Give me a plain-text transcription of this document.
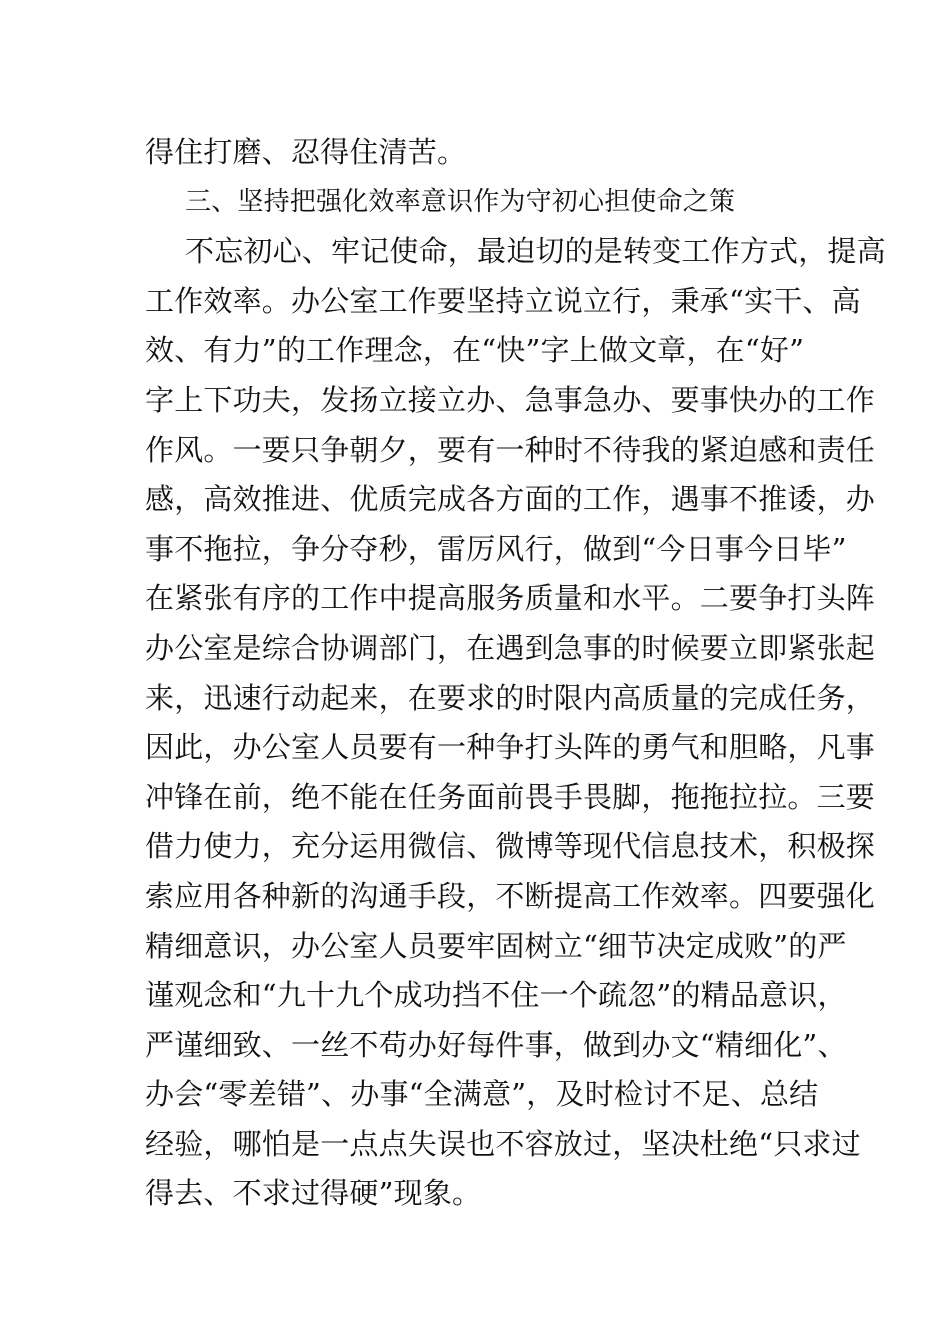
得住打磨、忍得住清苦。
三、坚持把强化效率意识作为守初心担使命之策
不忘初心、牢记使命，最迫切的是转变工作方式，提高
工作效率。办公室工作要坚持立说立行，秉承“实干、高
效、有力”的工作理念，在“快”字上做文章，在“好”
字上下功夫，发扬立接立办、急事急办、要事快办的工作
作风。一要只争朝夕，要有一种时不待我的紧迫感和责任
感，高效推进、优质完成各方面的工作，遇事不推诿，办
事不拖拉，争分夺秒，雷厉风行，做到“今日事今日毕”
在紧张有序的工作中提高服务质量和水平。二要争打头阵
办公室是综合协调部门，在遇到急事的时候要立即紧张起
来，迅速行动起来，在要求的时限内高质量的完成任务，
因此，办公室人员要有一种争打头阵的勇气和胆略，凡事
冲锋在前，绝不能在任务面前畏手畏脚，拖拖拉拉。三要
借力使力，充分运用微信、微博等现代信息技术，积极探
索应用各种新的沟通手段，不断提高工作效率。四要强化
精细意识，办公室人员要牢固树立“细节决定成败”的严
谨观念和“九十九个成功挡不住一个疏忽”的精品意识，
严谨细致、一丝不苟办好每件事，做到办文“精细化”、
办会“零差错”、办事“全满意”，及时检讨不足、总结
经验，哪怕是一点点失误也不容放过，坚决杜绝“只求过
得去、不求过得硬”现象。
